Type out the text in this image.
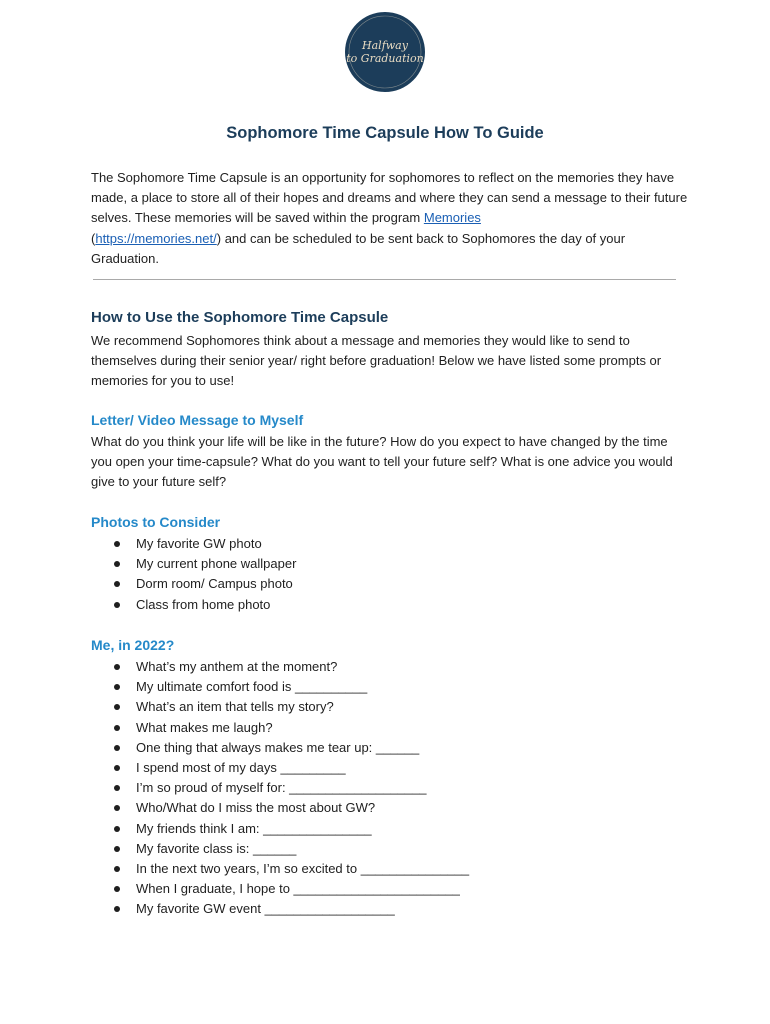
Halfway
to Graduation
Sophomore Time Capsule How To Guide

The Sophomore Time Capsule is an opportunity for sophomores to reflect on the memories they have made, a place to store all of their hopes and dreams and where they can send a message to their future selves. These memories will be saved within the program Memories
(https://memories.net/) and can be scheduled to be sent back to Sophomores the day of your Graduation.

How to Use the Sophomore Time Capsule

We recommend Sophomores think about a message and memories they would like to send to themselves during their senior year/ right before graduation! Below we have listed some prompts or memories for you to use!

Letter/ Video Message to Myself

What do you think your life will be like in the future? How do you expect to have changed by the time you open your time-capsule? What do you want to tell your future self? What is one advice you would give to your future self?

Photos to Consider
My favorite GW photo
My current phone wallpaper
Dorm room/ Campus photo
Class from home photo
Me, in 2022?
What’s my anthem at the moment?
My ultimate comfort food is __________
What’s an item that tells my story?
What makes me laugh?
One thing that always makes me tear up: ______
I spend most of my days _________
I’m so proud of myself for: ___________________
Who/What do I miss the most about GW?
My friends think I am: _______________
My favorite class is: ______
In the next two years, I’m so excited to _______________
When I graduate, I hope to _______________________
My favorite GW event __________________
